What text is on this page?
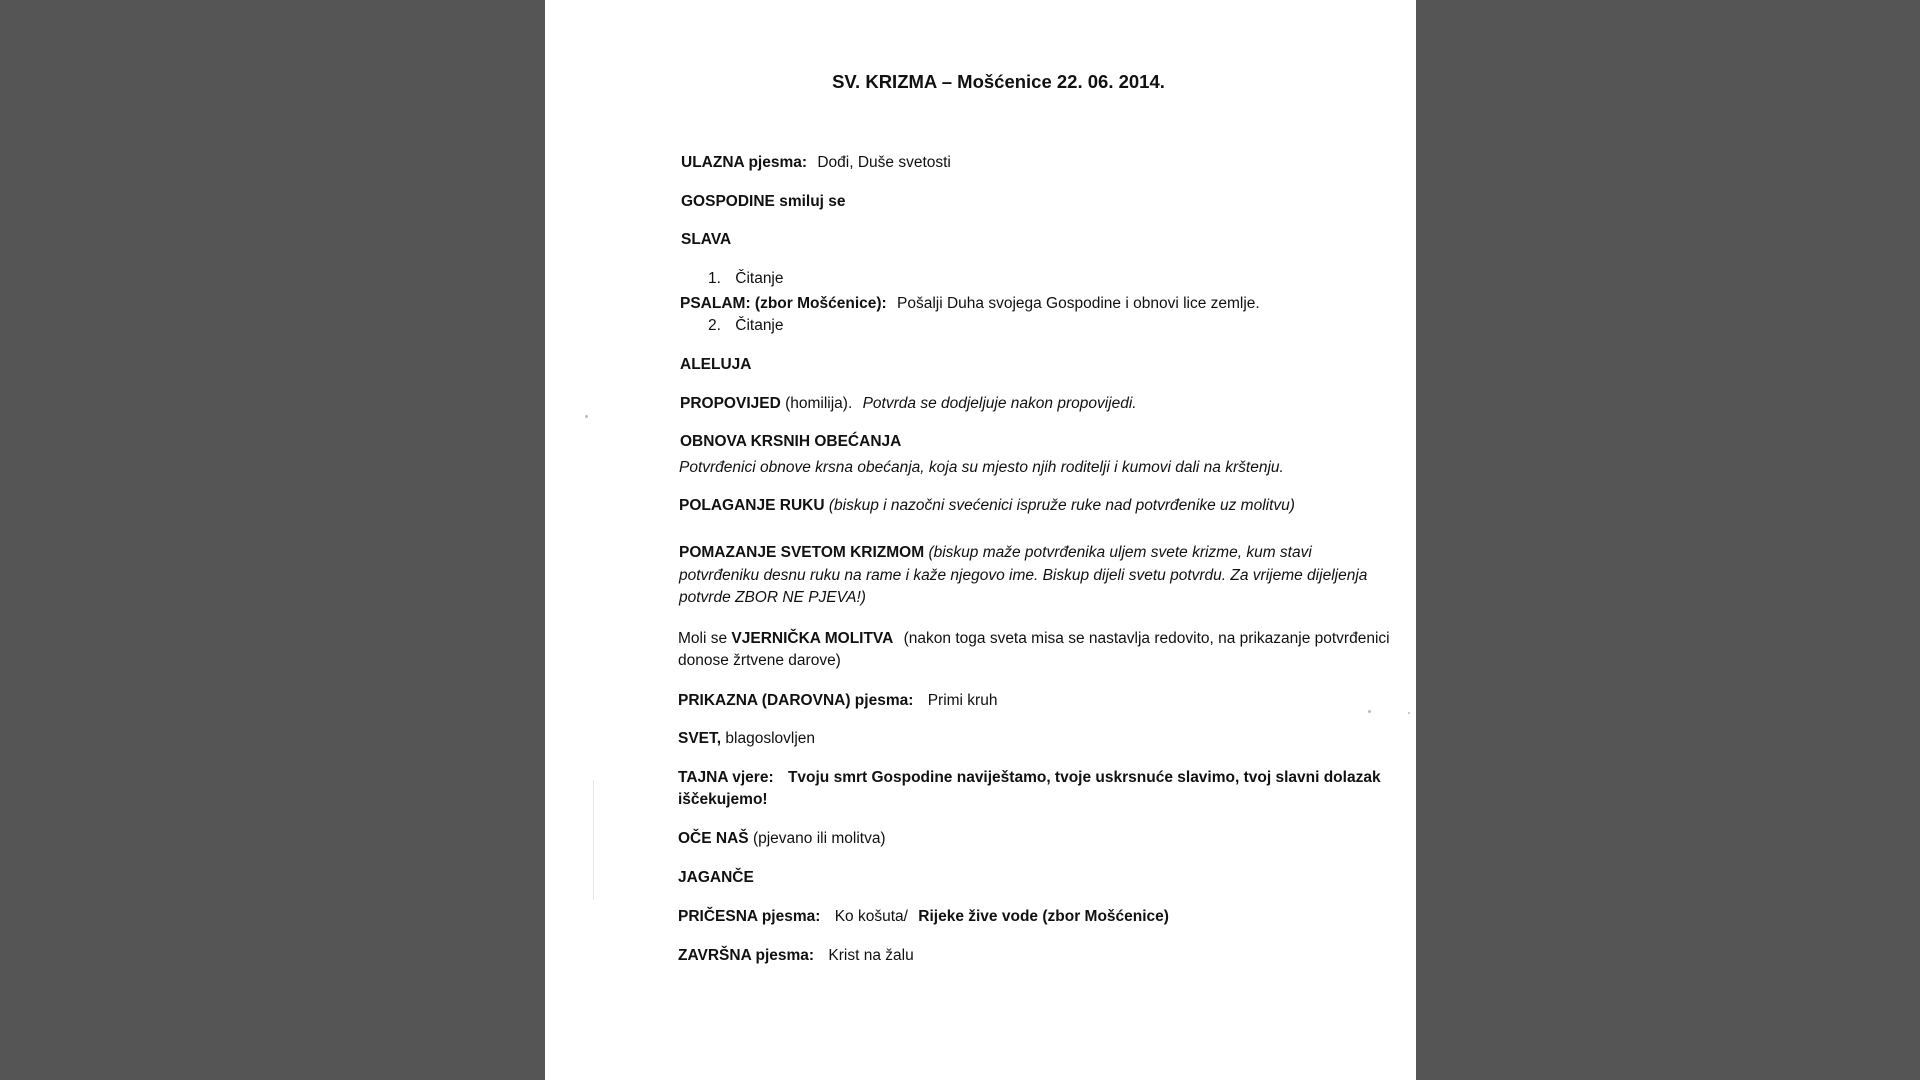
SV. KRIZMA – Mošćenice 22. 06. 2014.
ULAZNA pjesma: Dođi, Duše svetosti
GOSPODINE smiluj se
SLAVA
1. Čitanje
PSALAM: (zbor Mošćenice): Pošalji Duha svojega Gospodine i obnovi lice zemlje.
2. Čitanje
ALELUJA
PROPOVIJED (homilija). Potvrda se dodjeljuje nakon propovijedi.
OBNOVA KRSNIH OBEĆANJA
Potvrđenici obnove krsna obećanja, koja su mjesto njih roditelji i kumovi dali na krštenju.
POLAGANJE RUKU (biskup i nazočni svećenici ispruže ruke nad potvrđenike uz molitvu)
POMAZANJE SVETOM KRIZMOM (biskup maže potvrđenika uljem svete krizme, kum stavi
potvrđeniku desnu ruku na rame i kaže njegovo ime. Biskup dijeli svetu potvrdu. Za vrijeme dijeljenja
potvrde ZBOR NE PJEVA!)
Moli se VJERNIČKA MOLITVA (nakon toga sveta misa se nastavlja redovito, na prikazanje potvrđenici
donose žrtvene darove)
PRIKAZNA (DAROVNA) pjesma: Primi kruh
SVET, blagoslovljen
TAJNA vjere: Tvoju smrt Gospodine naviještamo, tvoje uskrsnuće slavimo, tvoj slavni dolazak
iščekujemo!
OČE NAŠ (pjevano ili molitva)
JAGANČE
PRIČESNA pjesma: Ko košuta/ Rijeke žive vode (zbor Mošćenice)
ZAVRŠNA pjesma: Krist na žalu
